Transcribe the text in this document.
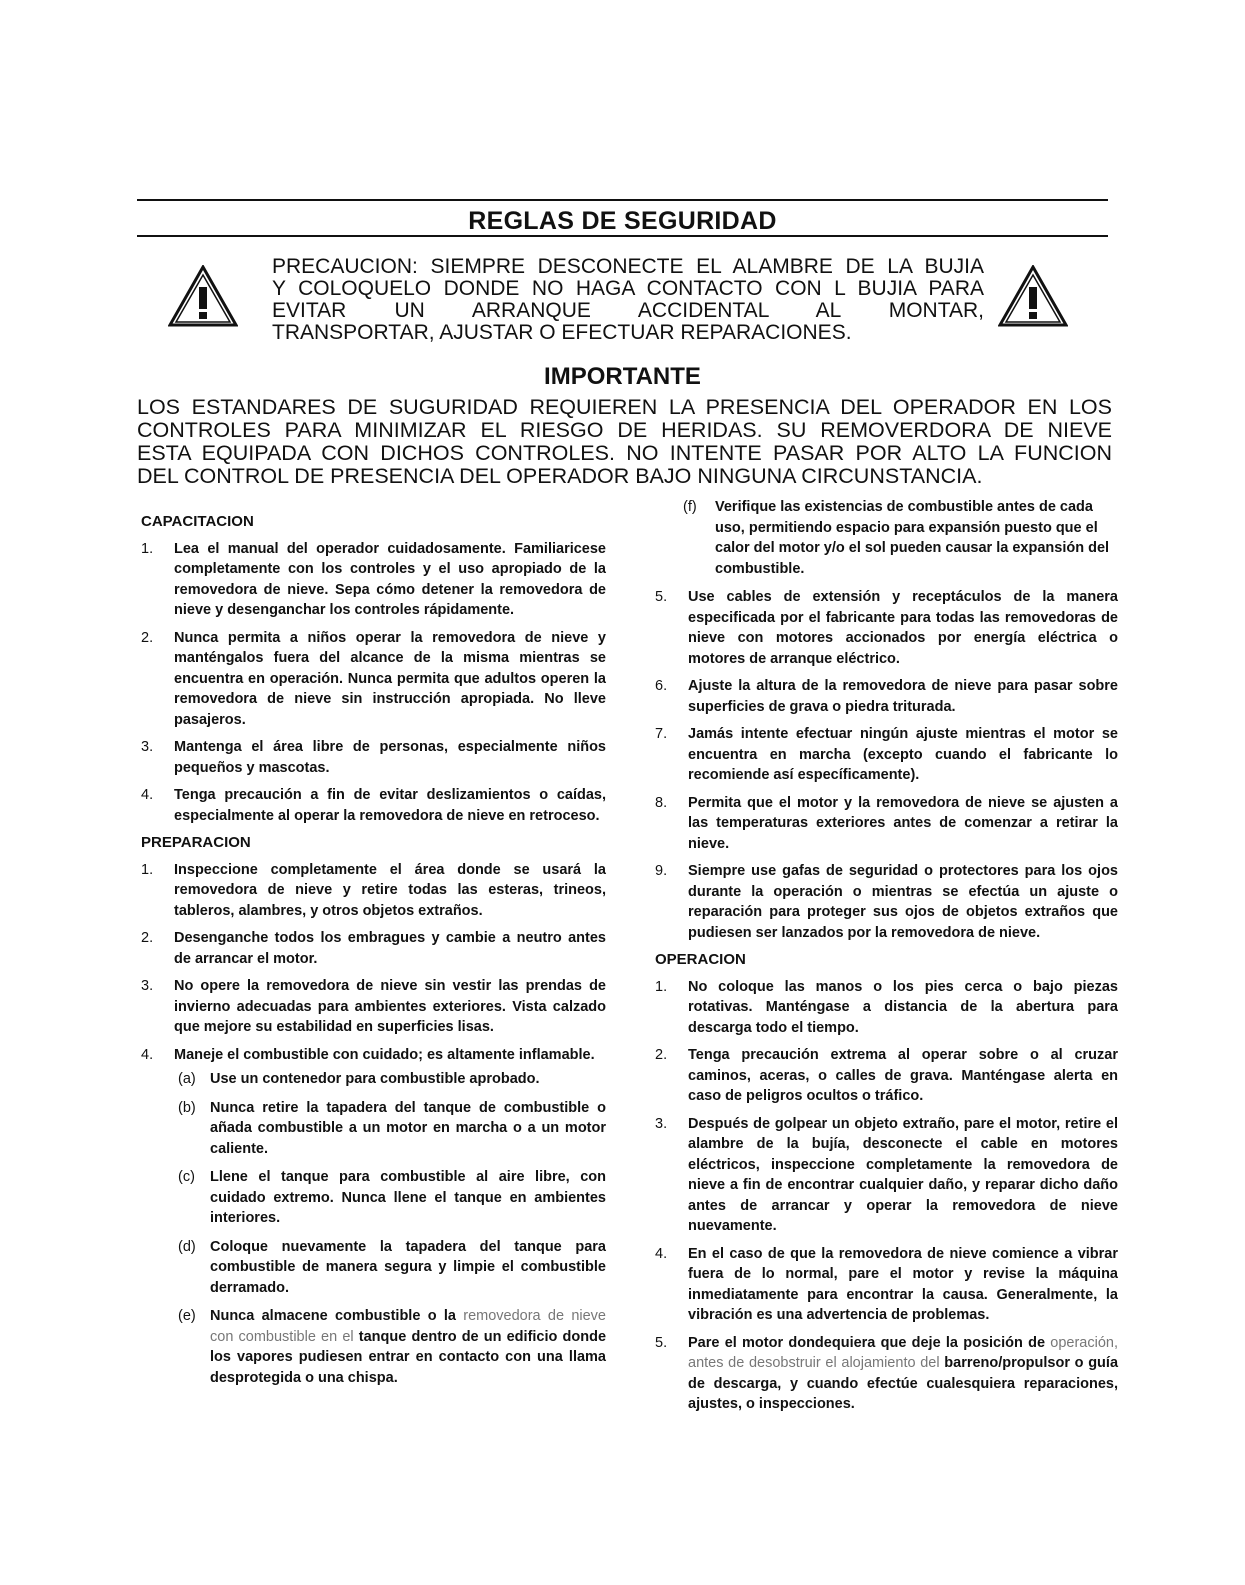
REGLAS DE SEGURIDAD

PRECAUCION: SIEMPRE DESCONECTE EL ALAMBRE DE LA BUJIA
Y COLOQUELO DONDE NO HAGA CONTACTO CON L BUJIA PARA
EVITAR UN ARRANQUE ACCIDENTAL AL MONTAR,
TRANSPORTAR, AJUSTAR O EFECTUAR REPARACIONES.

IMPORTANTE

LOS ESTANDARES DE SUGURIDAD REQUIEREN LA PRESENCIA DEL OPERADOR EN LOS
CONTROLES PARA MINIMIZAR EL RIESGO DE HERIDAS. SU REMOVERDORA DE NIEVE
ESTA EQUIPADA CON DICHOS CONTROLES. NO INTENTE PASAR POR ALTO LA FUNCION
DEL CONTROL DE PRESENCIA DEL OPERADOR BAJO NINGUNA CIRCUNSTANCIA.

CAPACITACION
1. Lea el manual del operador cuidadosamente. Familiaricese completamente con los controles y el uso apropiado de la removedora de nieve. Sepa cómo detener la removedora de nieve y desenganchar los controles rápidamente.
2. Nunca permita a niños operar la removedora de nieve y manténgalos fuera del alcance de la misma mientras se encuentra en operación. Nunca permita que adultos operen la removedora de nieve sin instrucción apropiada. No lleve pasajeros.
3. Mantenga el área libre de personas, especialmente niños pequeños y mascotas.
4. Tenga precaución a fin de evitar deslizamientos o caídas, especialmente al operar la removedora de nieve en retroceso.
PREPARACION
1. Inspeccione completamente el área donde se usará la removedora de nieve y retire todas las esteras, trineos, tableros, alambres, y otros objetos extraños.
2. Desenganche todos los embragues y cambie a neutro antes de arrancar el motor.
3. No opere la removedora de nieve sin vestir las prendas de invierno adecuadas para ambientes exteriores. Vista calzado que mejore su estabilidad en superficies lisas.
4. Maneje el combustible con cuidado; es altamente inflamable.
(a) Use un contenedor para combustible aprobado.
(b) Nunca retire la tapadera del tanque de combustible o añada combustible a un motor en marcha o a un motor caliente.
(c) Llene el tanque para combustible al aire libre, con cuidado extremo. Nunca llene el tanque en ambientes interiores.
(d) Coloque nuevamente la tapadera del tanque para combustible de manera segura y limpie el combustible derramado.
(e) Nunca almacene combustible o la removedora de nieve con combustible en el tanque dentro de un edificio donde los vapores pudiesen entrar en contacto con una llama desprotegida o una chispa.
(f) Verifique las existencias de combustible antes de cada uso, permitiendo espacio para expansión puesto que el calor del motor y/o el sol pueden causar la expansión del combustible.
5. Use cables de extensión y receptáculos de la manera especificada por el fabricante para todas las removedoras de nieve con motores accionados por energía eléctrica o motores de arranque eléctrico.
6. Ajuste la altura de la removedora de nieve para pasar sobre superficies de grava o piedra triturada.
7. Jamás intente efectuar ningún ajuste mientras el motor se encuentra en marcha (excepto cuando el fabricante lo recomiende así específicamente).
8. Permita que el motor y la removedora de nieve se ajusten a las temperaturas exteriores antes de comenzar a retirar la nieve.
9. Siempre use gafas de seguridad o protectores para los ojos durante la operación o mientras se efectúa un ajuste o reparación para proteger sus ojos de objetos extraños que pudiesen ser lanzados por la removedora de nieve.
OPERACION
1. No coloque las manos o los pies cerca o bajo piezas rotativas. Manténgase a distancia de la abertura para descarga todo el tiempo.
2. Tenga precaución extrema al operar sobre o al cruzar caminos, aceras, o calles de grava. Manténgase alerta en caso de peligros ocultos o tráfico.
3. Después de golpear un objeto extraño, pare el motor, retire el alambre de la bujía, desconecte el cable en motores eléctricos, inspeccione completamente la removedora de nieve a fin de encontrar cualquier daño, y reparar dicho daño antes de arrancar y operar la removedora de nieve nuevamente.
4. En el caso de que la removedora de nieve comience a vibrar fuera de lo normal, pare el motor y revise la máquina inmediatamente para encontrar la causa. Generalmente, la vibración es una advertencia de problemas.
5. Pare el motor dondequiera que deje la posición de operación, antes de desobstruir el alojamiento del barreno/propulsor o guía de descarga, y cuando efectúe cualesquiera reparaciones, ajustes, o inspecciones.
